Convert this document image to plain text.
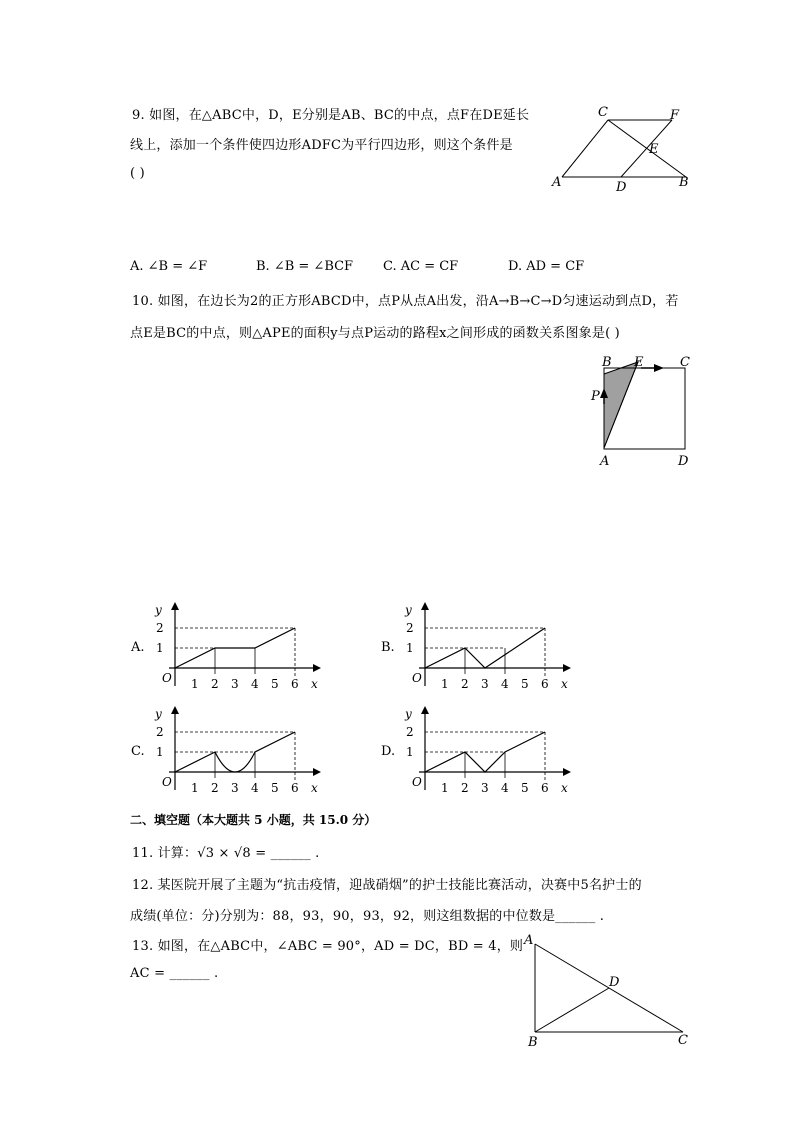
9. 如图，在△ABC中，D，E分别是AB、BC的中点，点F在DE延长
线上，添加一个条件使四边形ADFC为平行四边形，则这个条件是
( )
C	F
E
A	D	B
A. ∠B = ∠F	B. ∠B = ∠BCF C. AC = CF	D. AD = CF
10. 如图，在边长为2的正方形ABCD中，点P从点A出发，沿A→B→C→D匀速运动到点D，若
点E是BC的中点，则△APE的面积y与点P运动的路程x之间形成的函数关系图象是( )
B E	C
P
A	D
A.	B.
C.	D.
y
2
1
O 1 2 3 4 5 6 x
y
2
1
O 1 2 3 4 5 6 x
y
2
1
O 1 2 3 4 5 6 x
y
2
1
O 1 2 3 4 5 6 x
二、填空题（本大题共 5 小题，共 15.0 分）
11. 计算：√3 × √8 = ______ .
12. 某医院开展了主题为“抗击疫情，迎战硝烟”的护士技能比赛活动，决赛中5名护士的
成绩(单位：分)分别为：88，93，90，93，92，则这组数据的中位数是______ .
13. 如图，在△ABC中，∠ABC = 90°，AD = DC，BD = 4，则
AC = ______ .
A
D
B	C
